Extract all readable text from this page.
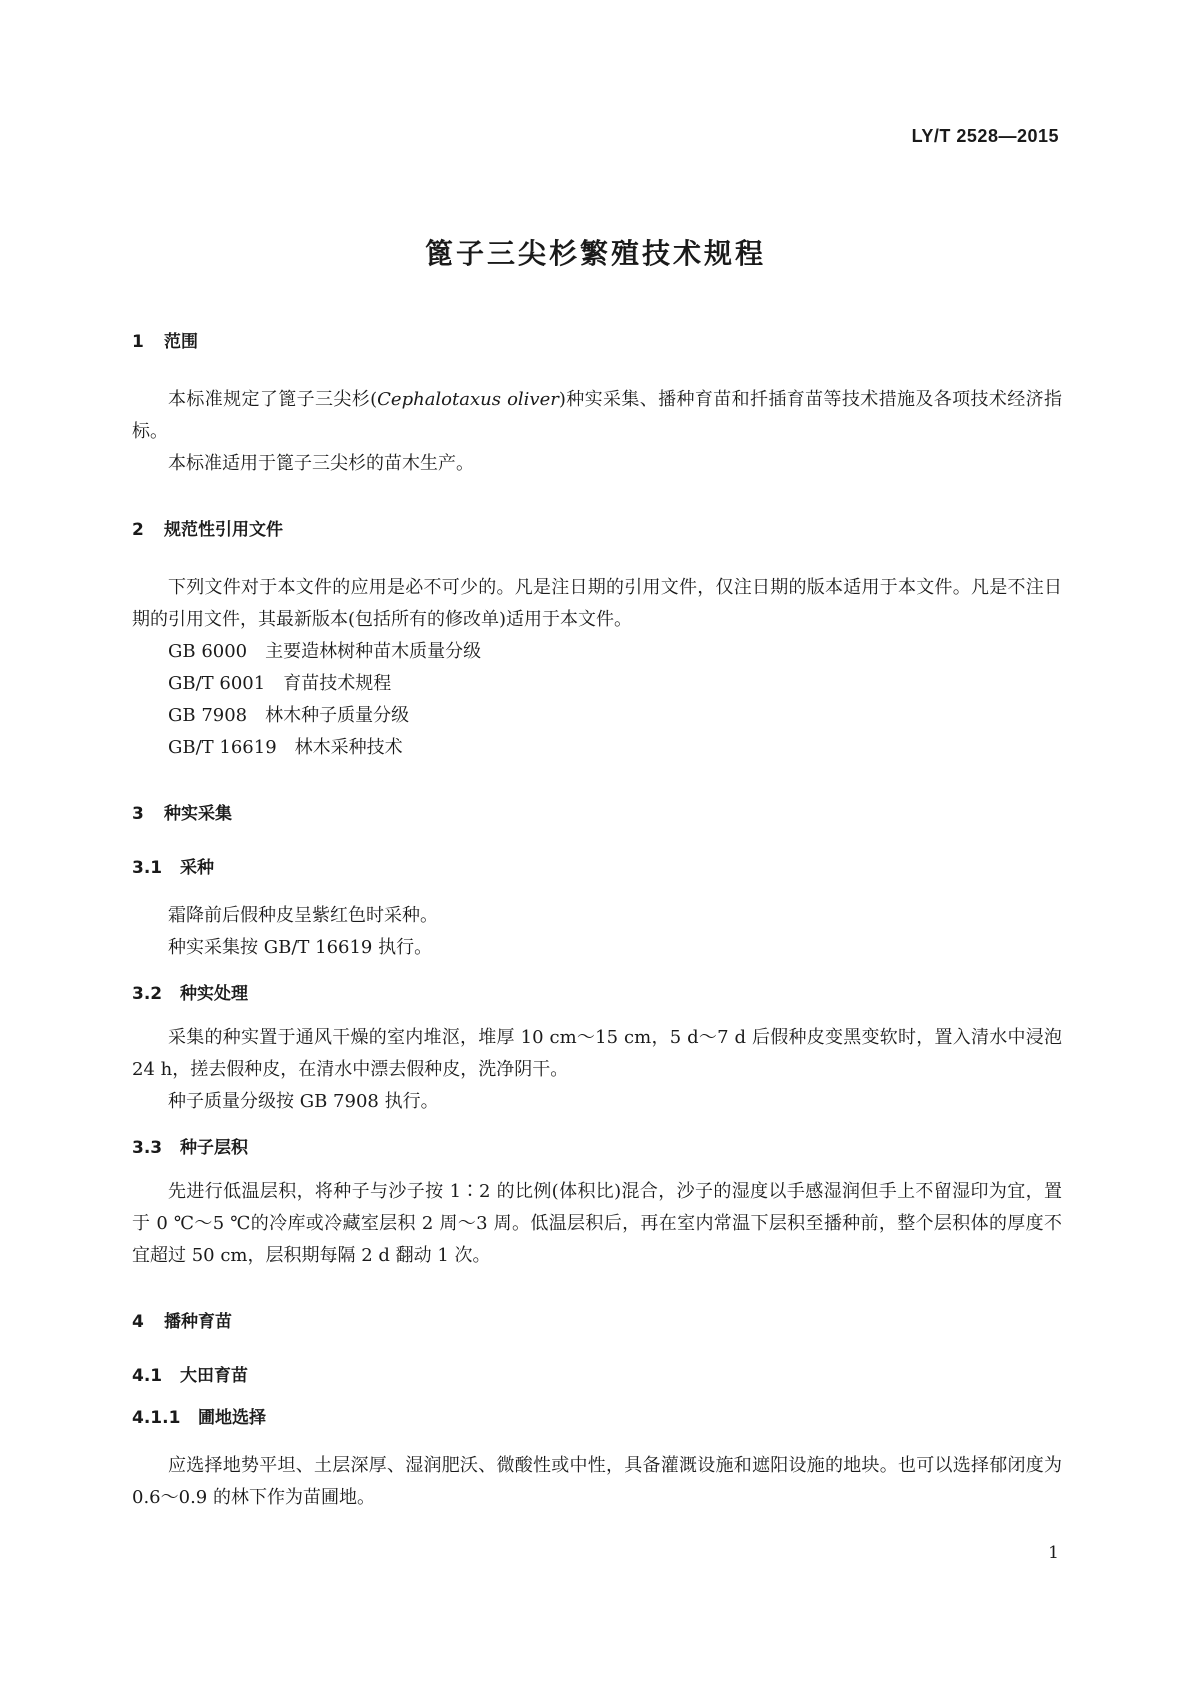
LY/T 2528—2015
篦子三尖杉繁殖技术规程
1 范围

本标准规定了篦子三尖杉(Cephalotaxus oliver)种实采集、播种育苗和扦插育苗等技术措施及各项技术经济指标。

本标准适用于篦子三尖杉的苗木生产。

2 规范性引用文件

下列文件对于本文件的应用是必不可少的。凡是注日期的引用文件，仅注日期的版本适用于本文件。凡是不注日期的引用文件，其最新版本(包括所有的修改单)适用于本文件。

GB 6000 主要造林树种苗木质量分级

GB/T 6001 育苗技术规程

GB 7908 林木种子质量分级

GB/T 16619 林木采种技术

3 种实采集
3.1 采种

霜降前后假种皮呈紫红色时采种。

种实采集按 GB/T 16619 执行。

3.2 种实处理

采集的种实置于通风干燥的室内堆沤，堆厚 10 cm～15 cm，5 d～7 d 后假种皮变黑变软时，置入清水中浸泡 24 h，搓去假种皮，在清水中漂去假种皮，洗净阴干。

种子质量分级按 GB 7908 执行。

3.3 种子层积

先进行低温层积，将种子与沙子按 1∶2 的比例(体积比)混合，沙子的湿度以手感湿润但手上不留湿印为宜，置于 0 ℃～5 ℃的冷库或冷藏室层积 2 周～3 周。低温层积后，再在室内常温下层积至播种前，整个层积体的厚度不宜超过 50 cm，层积期每隔 2 d 翻动 1 次。

4 播种育苗
4.1 大田育苗
4.1.1 圃地选择

应选择地势平坦、土层深厚、湿润肥沃、微酸性或中性，具备灌溉设施和遮阳设施的地块。也可以选择郁闭度为 0.6～0.9 的林下作为苗圃地。

1
